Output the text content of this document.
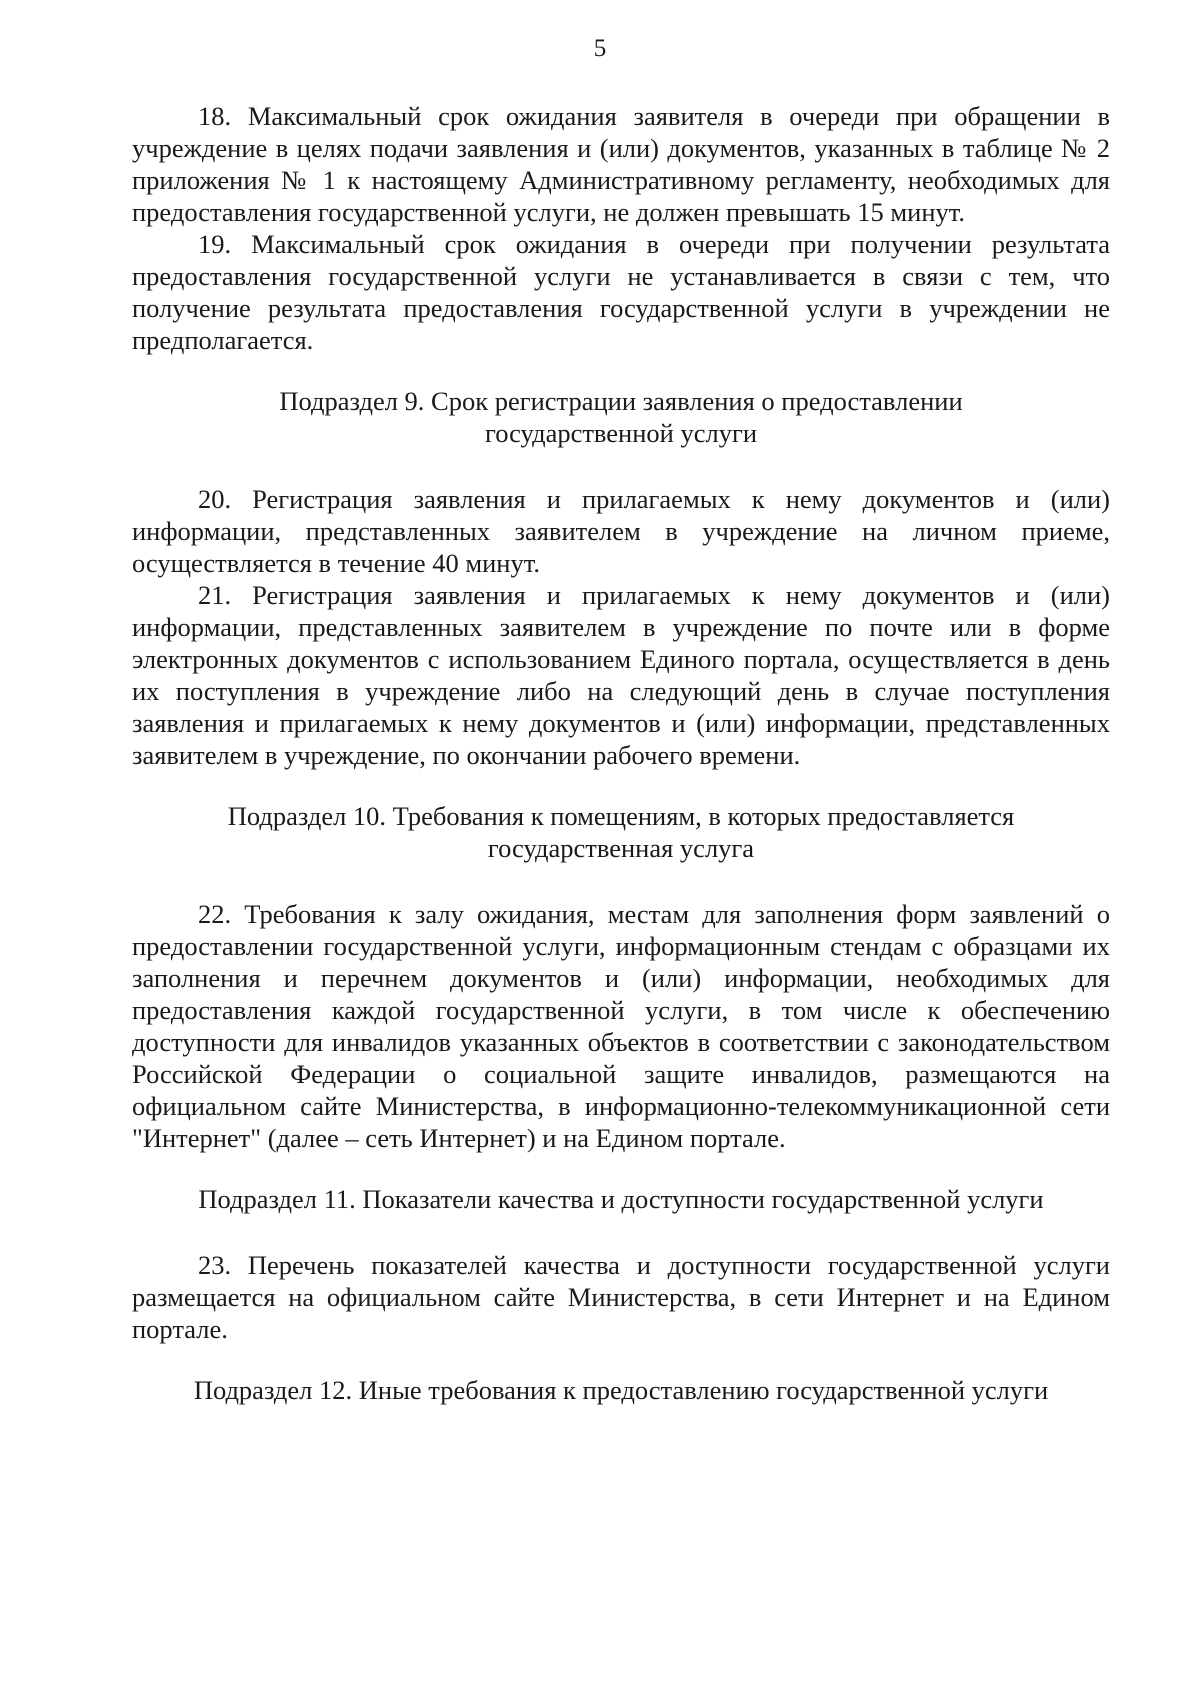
5

18. Максимальный срок ожидания заявителя в очереди при обращении в учреждение в целях подачи заявления и (или) документов, указанных в таблице № 2 приложения № 1 к настоящему Административному регламенту, необходимых для предоставления государственной услуги, не должен превышать 15 минут.

19. Максимальный срок ожидания в очереди при получении результата предоставления государственной услуги не устанавливается в связи с тем, что получение результата предоставления государственной услуги в учреждении не предполагается.

Подраздел 9. Срок регистрации заявления о предоставлении государственной услуги

20. Регистрация заявления и прилагаемых к нему документов и (или) информации, представленных заявителем в учреждение на личном приеме, осуществляется в течение 40 минут.

21. Регистрация заявления и прилагаемых к нему документов и (или) информации, представленных заявителем в учреждение по почте или в форме электронных документов с использованием Единого портала, осуществляется в день их поступления в учреждение либо на следующий день в случае поступления заявления и прилагаемых к нему документов и (или) информации, представленных заявителем в учреждение, по окончании рабочего времени.

Подраздел 10. Требования к помещениям, в которых предоставляется государственная услуга

22. Требования к залу ожидания, местам для заполнения форм заявлений о предоставлении государственной услуги, информационным стендам с образцами их заполнения и перечнем документов и (или) информации, необходимых для предоставления каждой государственной услуги, в том числе к обеспечению доступности для инвалидов указанных объектов в соответствии с законодательством Российской Федерации о социальной защите инвалидов, размещаются на официальном сайте Министерства, в информационно-телекоммуникационной сети "Интернет" (далее – сеть Интернет) и на Едином портале.

Подраздел 11. Показатели качества и доступности государственной услуги

23. Перечень показателей качества и доступности государственной услуги размещается на официальном сайте Министерства, в сети Интернет и на Едином портале.

Подраздел 12. Иные требования к предоставлению государственной услуги
